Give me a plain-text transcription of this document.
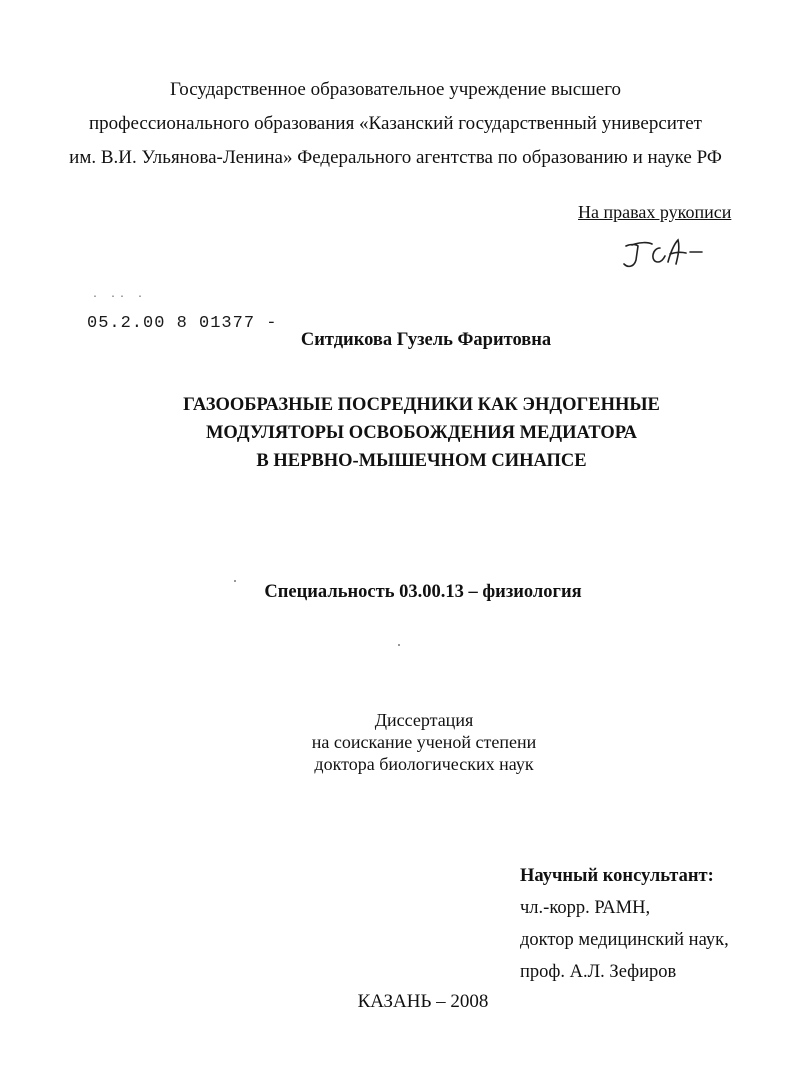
Государственное образовательное учреждение высшего
профессионального образования «Казанский государственный университет
им. В.И. Ульянова-Ленина» Федерального агентства по образованию и науке РФ
На правах рукописи
· ·· ·
05.2.00 8 01377 -
Ситдикова Гузель Фаритовна
ГАЗООБРАЗНЫЕ ПОСРЕДНИКИ КАК ЭНДОГЕННЫЕ
МОДУЛЯТОРЫ ОСВОБОЖДЕНИЯ МЕДИАТОРА
В НЕРВНО-МЫШЕЧНОМ СИНАПСЕ
Специальность 03.00.13 – физиология
Диссертация
на соискание ученой степени
доктора биологических наук
Научный консультант:
чл.-корр. РАМН,
доктор медицинский наук,
проф. А.Л. Зефиров
КАЗАНЬ – 2008
